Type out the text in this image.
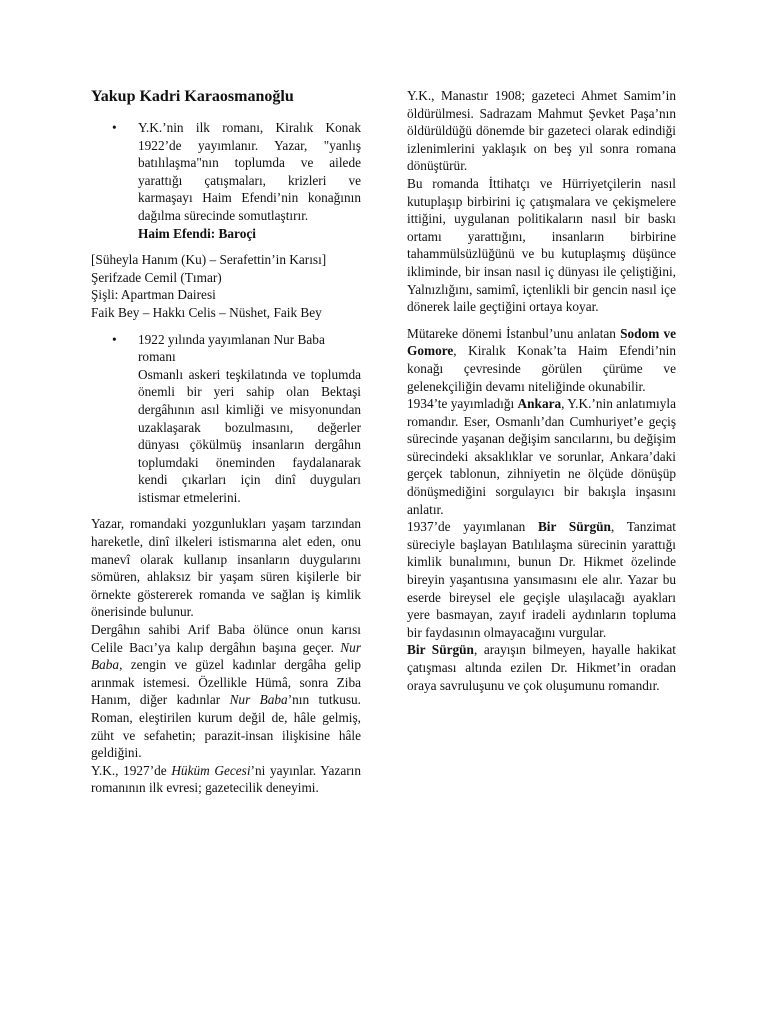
Yakup Kadri Karaosmanoğlu
• Y.K.’nin ilk romanı, Kiralık Konak 1922’de yayımlanır. Yazar, "yanlış batılılaşma"nın toplumda ve ailede yarattığı çatışmaları, krizleri ve karmaşayı Haim Efendi’nin konağının dağılma sürecinde somutlaştırır.

Haim Efendi: Baroçi

[Süheyla Hanım (Ku) – Serafettin’in Karısı]

Şerifzade Cemil (Tımar)

Şişli: Apartman Dairesi

Faik Bey – Hakkı Celis – Nüshet, Faik Bey

• 1922 yılında yayımlanan Nur Baba romanı

Osmanlı askeri teşkilatında ve toplumda önemli bir yeri sahip olan Bektaşi dergâhının asıl kimliği ve misyonundan uzaklaşarak bozulmasını, değerler dünyası çökülmüş insanların dergâhın toplumdaki öneminden faydalanarak kendi çıkarları için dinî duyguları istismar etmelerini.

Yazar, romandaki yozgunlukları yaşam tarzından hareketle, dinî ilkeleri istismarına alet eden, onu manevî olarak kullanıp insanların duygularını sömüren, ahlaksız bir yaşam süren kişilerle bir örnekte göstererek romanda ve sağlan iş kimlik önerisinde bulunur.

Dergâhın sahibi Arif Baba ölünce onun karısı Celile Bacı’ya kalıp dergâhın başına geçer. Nur Baba, zengin ve güzel kadınlar dergâha gelip arınmak istemesi. Özellikle Hümâ, sonra Ziba Hanım, diğer kadınlar Nur Baba’nın tutkusu. Roman, eleştirilen kurum değil de, hâle gelmiş, züht ve sefahetin; parazit-insan ilişkisine hâle geldiğini.

Y.K., 1927’de Hüküm Gecesi’ni yayınlar. Yazarın romanının ilk evresi; gazetecilik deneyimi.

Y.K., Manastır 1908; gazeteci Ahmet Samim’in öldürülmesi. Sadrazam Mahmut Şevket Paşa’nın öldürüldüğü dönemde bir gazeteci olarak edindiği izlenimlerini yaklaşık on beş yıl sonra romana dönüştürür.

Bu romanda İttihatçı ve Hürriyetçilerin nasıl kutuplaşıp birbirini iç çatışmalara ve çekişmelere ittiğini, uygulanan politikaların nasıl bir baskı ortamı yarattığını, insanların birbirine tahammülsüzlüğünü ve bu kutuplaşmış düşünce ikliminde, bir insan nasıl iç dünyası ile çeliştiğini, Yalnızlığını, samimî, içtenlikli bir gencin nasıl içe dönerek laile geçtiğini ortaya koyar.

Mütareke dönemi İstanbul’unu anlatan Sodom ve Gomore, Kiralık Konak’ta Haim Efendi’nin konağı çevresinde görülen çürüme ve gelenekçiliğin devamı niteliğinde okunabilir.

1934’te yayımladığı Ankara, Y.K.’nin anlatımıyla romandır. Eser, Osmanlı’dan Cumhuriyet’e geçiş sürecinde yaşanan değişim sancılarını, bu değişim sürecindeki aksaklıklar ve sorunlar, Ankara’daki gerçek tablonun, zihniyetin ne ölçüde dönüşüp dönüşmediğini sorgulayıcı bir bakışla inşasını anlatır.

1937’de yayımlanan Bir Sürgün, Tanzimat süreciyle başlayan Batılılaşma sürecinin yarattığı kimlik bunalımını, bunun Dr. Hikmet özelinde bireyin yaşantısına yansımasını ele alır. Yazar bu eserde bireysel ele geçişle ulaşılacağı ayakları yere basmayan, zayıf iradeli aydınların topluma bir faydasının olmayacağını vurgular.

Bir Sürgün, arayışın bilmeyen, hayalle hakikat çatışması altında ezilen Dr. Hikmet’in oradan oraya savruluşunu ve çok oluşumunu romandır.
